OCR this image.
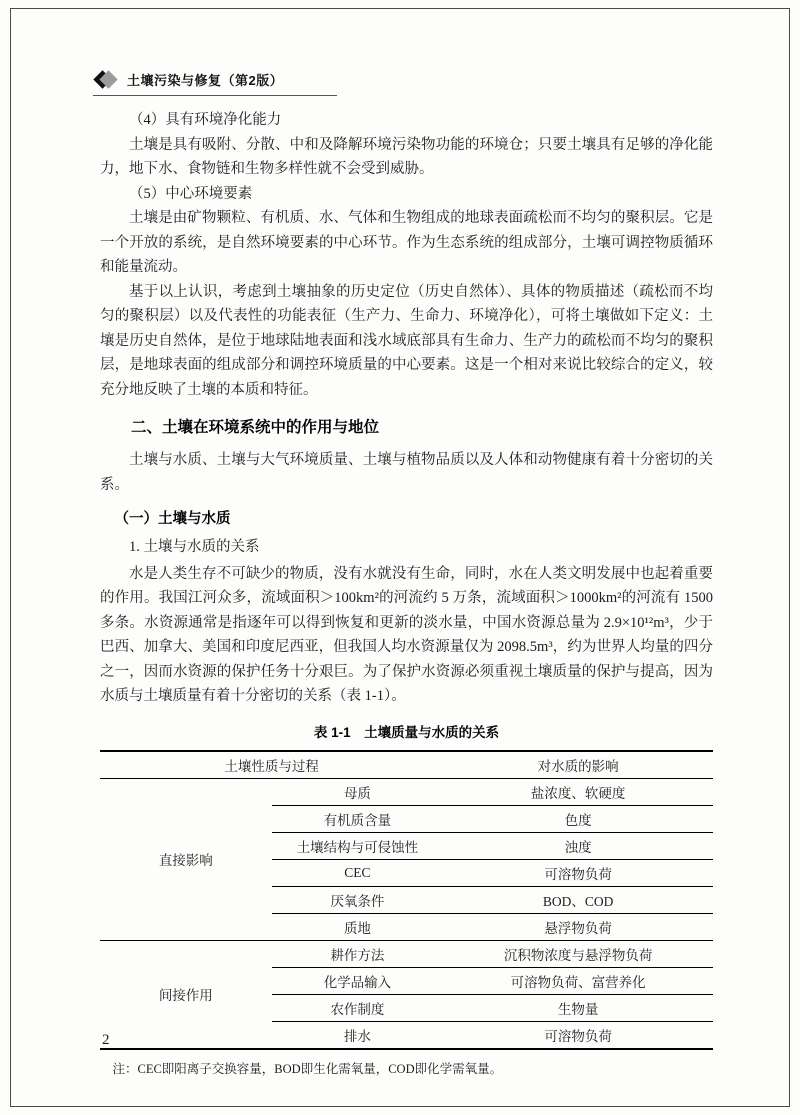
土壤污染与修复（第2版）

（4）具有环境净化能力

土壤是具有吸附、分散、中和及降解环境污染物功能的环境仓；只要土壤具有足够的净化能力，地下水、食物链和生物多样性就不会受到威胁。

（5）中心环境要素

土壤是由矿物颗粒、有机质、水、气体和生物组成的地球表面疏松而不均匀的聚积层。它是一个开放的系统，是自然环境要素的中心环节。作为生态系统的组成部分，土壤可调控物质循环和能量流动。

基于以上认识，考虑到土壤抽象的历史定位（历史自然体）、具体的物质描述（疏松而不均匀的聚积层）以及代表性的功能表征（生产力、生命力、环境净化），可将土壤做如下定义：土壤是历史自然体，是位于地球陆地表面和浅水域底部具有生命力、生产力的疏松而不均匀的聚积层，是地球表面的组成部分和调控环境质量的中心要素。这是一个相对来说比较综合的定义，较充分地反映了土壤的本质和特征。

二、土壤在环境系统中的作用与地位

土壤与水质、土壤与大气环境质量、土壤与植物品质以及人体和动物健康有着十分密切的关系。

（一）土壤与水质

1. 土壤与水质的关系

水是人类生存不可缺少的物质，没有水就没有生命，同时，水在人类文明发展中也起着重要的作用。我国江河众多，流域面积＞100km²的河流约 5 万条，流域面积＞1000km²的河流有 1500 多条。水资源通常是指逐年可以得到恢复和更新的淡水量，中国水资源总量为 2.9×10¹²m³，少于巴西、加拿大、美国和印度尼西亚，但我国人均水资源量仅为 2098.5m³，约为世界人均量的四分之一，因而水资源的保护任务十分艰巨。为了保护水资源必须重视土壤质量的保护与提高，因为水质与土壤质量有着十分密切的关系（表 1-1）。

表 1-1　土壤质量与水质的关系
土壤性质与过程		对水质的影响
直接影响	母质	盐浓度、软硬度
	有机质含量	色度
	土壤结构与可侵蚀性	浊度
	CEC	可溶物负荷
	厌氧条件	BOD、COD
	质地	悬浮物负荷
间接作用	耕作方法	沉积物浓度与悬浮物负荷
	化学品输入	可溶物负荷、富营养化
	农作制度	生物量
	排水	可溶物负荷

注：CEC即阳离子交换容量，BOD即生化需氧量，COD即化学需氧量。

2
